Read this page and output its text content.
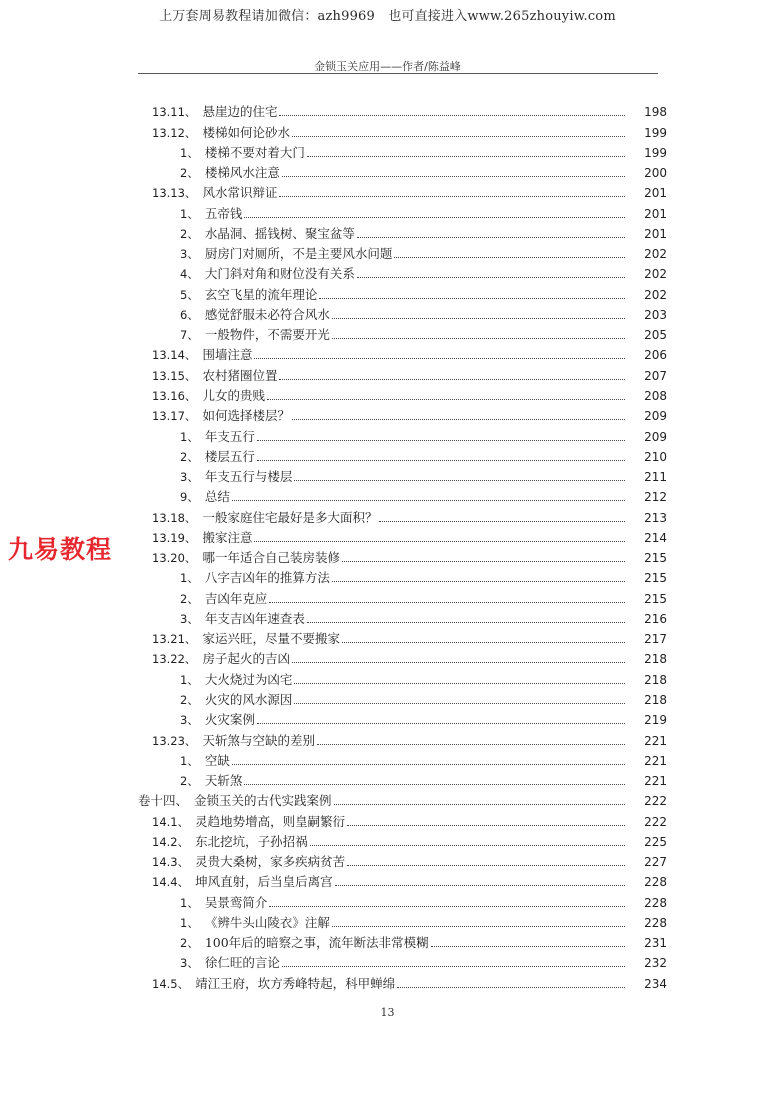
上万套周易教程请加微信：azh9969　也可直接进入www.265zhouyiw.com
金锁玉关应用——作者/陈益峰
13.11、 悬崖边的住宅	198
13.12、 楼梯如何论砂水	199
1、 楼梯不要对着大门	199
2、 楼梯风水注意	200
13.13、 风水常识辩证	201
1、 五帝钱	201
2、 水晶洞、摇钱树、聚宝盆等	201
3、 厨房门对厕所，不是主要风水问题	202
4、 大门斜对角和财位没有关系	202
5、 玄空飞星的流年理论	202
6、 感觉舒服未必符合风水	203
7、 一般物件，不需要开光	205
13.14、 围墙注意	206
13.15、 农村猪圈位置	207
13.16、 儿女的贵贱	208
13.17、 如何选择楼层？	209
1、 年支五行	209
2、 楼层五行	210
3、 年支五行与楼层	211
9、 总结	212
13.18、 一般家庭住宅最好是多大面积？	213
13.19、 搬家注意	214
13.20、 哪一年适合自己装房装修	215
1、 八字吉凶年的推算方法	215
2、 吉凶年克应	215
3、 年支吉凶年速查表	216
13.21、 家运兴旺，尽量不要搬家	217
13.22、 房子起火的吉凶	218
1、 大火烧过为凶宅	218
2、 火灾的风水源因	218
3、 火灾案例	219
13.23、 天斩煞与空缺的差别	221
1、 空缺	221
2、 天斩煞	221
卷十四、 金锁玉关的古代实践案例	222
14.1、 灵趋地势增高，则皇嗣繁衍	222
14.2、 东北挖坑，子孙招祸	225
14.3、 灵贵大桑树，家多疾病贫苦	227
14.4、 坤风直射，后当皇后离宫	228
1、 吴景鸾简介	228
1、 《辨牛头山陵衣》注解	228
2、 100年后的暗察之事，流年断法非常模糊	231
3、 徐仁旺的言论	232
14.5、 靖江王府，坎方秀峰特起，科甲蝉绵	234
九易教程
13
